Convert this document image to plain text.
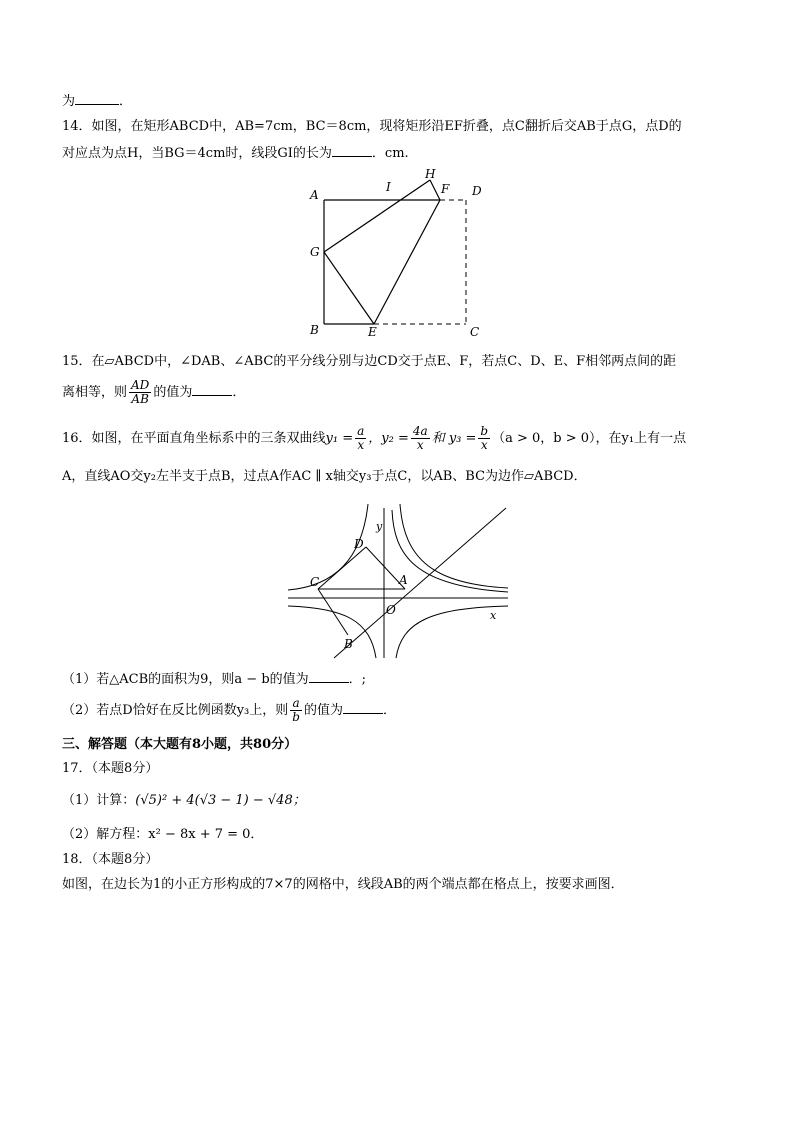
为	．
14．如图，在矩形ABCD中，AB=7cm，BC＝8cm，现将矩形沿EF折叠，点C翻折后交AB于点G，点D的
对应点为点H，当BG＝4cm时，线段GI的长为	．cm.
A
I
H
F D
G
B	E	C
15．在▱ABCD中，∠DAB、∠ABC的平分线分别与边CD交于点E、F，若点C、D、E、F相邻两点间的距
离相等，则 $\frac{AD}{AB}$ 的值为	．
16．如图，在平面直角坐标系中的三条双曲线$y_1 = \frac{a}{x}$ ，$y_2 = \frac{4a}{x}$ 和 $y_3 = \frac{b}{x} (a > 0$，b > 0），在y₁上有一点
A，直线AO交y₂左半支于点B，过点A作AC ∥ x轴交y₃于点C，以AB、BC为边作▱ABCD．
y
D
C	A
O	x
B
（1）若△ACB的面积为9，则a − b的值为	．;
（2）若点D恰好在反比例函数y₃上，则 $\frac{a}{b}$ 的值为	．
三、解答题（本大题有8小题，共80分）
17．（本题8分）
（1）计算：(√5)² + 4(√3 − 1) − √48；
（2）解方程：x² − 8x + 7 = 0．
18．（本题8分）
如图，在边长为1的小正方形构成的7×7的网格中，线段AB的两个端点都在格点上，按要求画图．
